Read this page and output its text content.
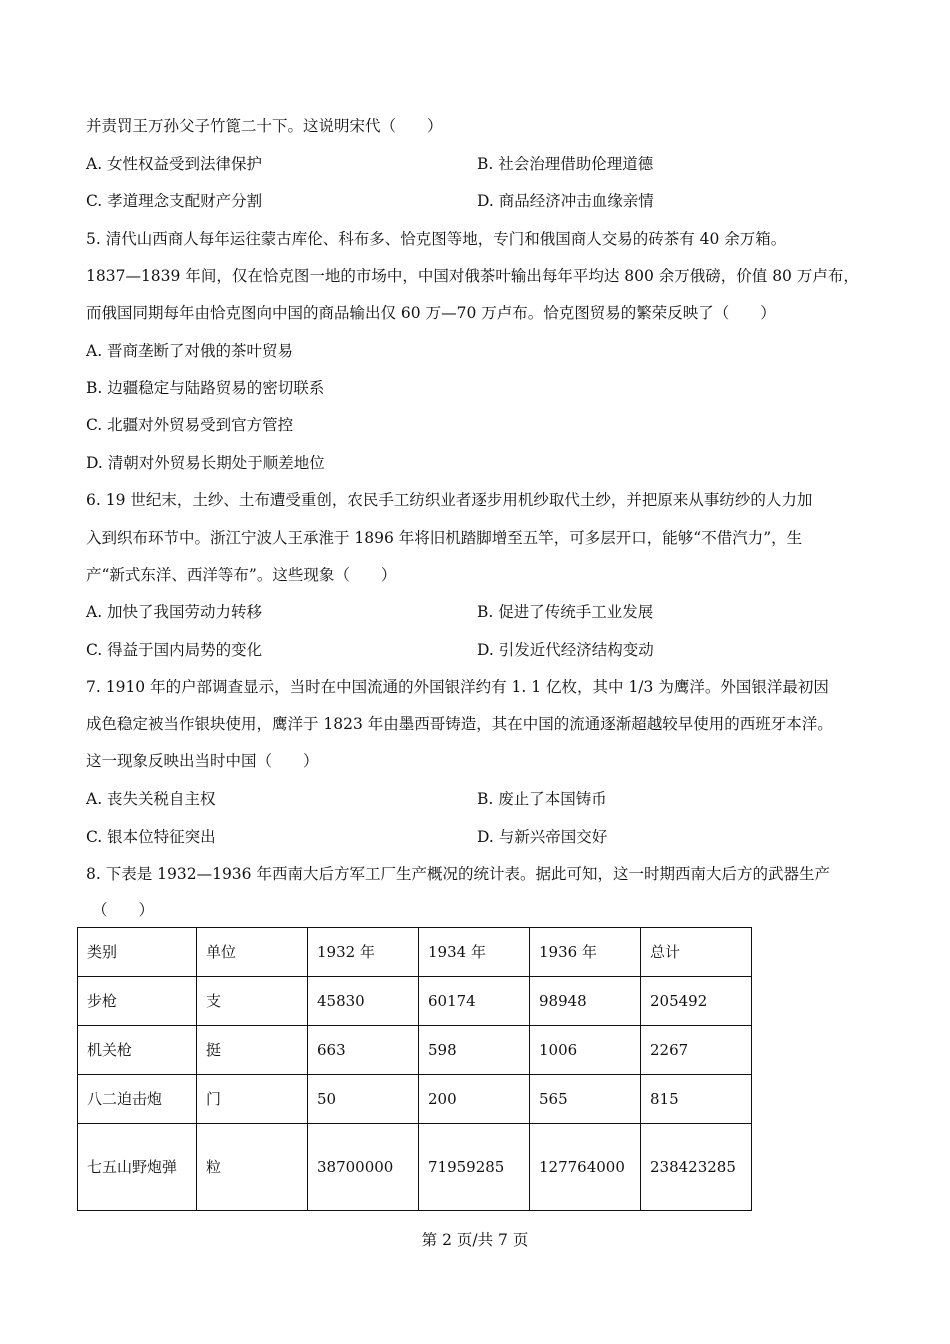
并责罚王万孙父子竹篦二十下。这说明宋代（　　）
A. 女性权益受到法律保护	B. 社会治理借助伦理道德
C. 孝道理念支配财产分割	D. 商品经济冲击血缘亲情
5. 清代山西商人每年运往蒙古库伦、科布多、恰克图等地，专门和俄国商人交易的砖茶有 40 余万箱。
1837—1839 年间，仅在恰克图一地的市场中，中国对俄茶叶输出每年平均达 800 余万俄磅，价值 80 万卢布，
而俄国同期每年由恰克图向中国的商品输出仅 60 万—70 万卢布。恰克图贸易的繁荣反映了（　　）
A. 晋商垄断了对俄的茶叶贸易
B. 边疆稳定与陆路贸易的密切联系
C. 北疆对外贸易受到官方管控
D. 清朝对外贸易长期处于顺差地位
6. 19 世纪末，土纱、土布遭受重创，农民手工纺织业者逐步用机纱取代土纱，并把原来从事纺纱的人力加
入到织布环节中。浙江宁波人王承淮于 1896 年将旧机踏脚增至五竿，可多层开口，能够“不借汽力”，生
产“新式东洋、西洋等布”。这些现象（　　）
A. 加快了我国劳动力转移	B. 促进了传统手工业发展
C. 得益于国内局势的变化	D. 引发近代经济结构变动
7. 1910 年的户部调查显示，当时在中国流通的外国银洋约有 1. 1 亿枚，其中 1/3 为鹰洋。外国银洋最初因
成色稳定被当作银块使用，鹰洋于 1823 年由墨西哥铸造，其在中国的流通逐渐超越较早使用的西班牙本洋。
这一现象反映出当时中国（　　）
A. 丧失关税自主权	B. 废止了本国铸币
C. 银本位特征突出	D. 与新兴帝国交好
8. 下表是 1932—1936 年西南大后方军工厂生产概况的统计表。据此可知，这一时期西南大后方的武器生产
（　　）
类别	单位	1932 年	1934 年	1936 年	总计
步枪	支	45830	60174	98948	205492
机关枪	挺	663	598	1006	2267
八二迫击炮	门	50	200	565	815
七五山野炮弹	粒	38700000	71959285	127764000	238423285
第 2 页/共 7 页
